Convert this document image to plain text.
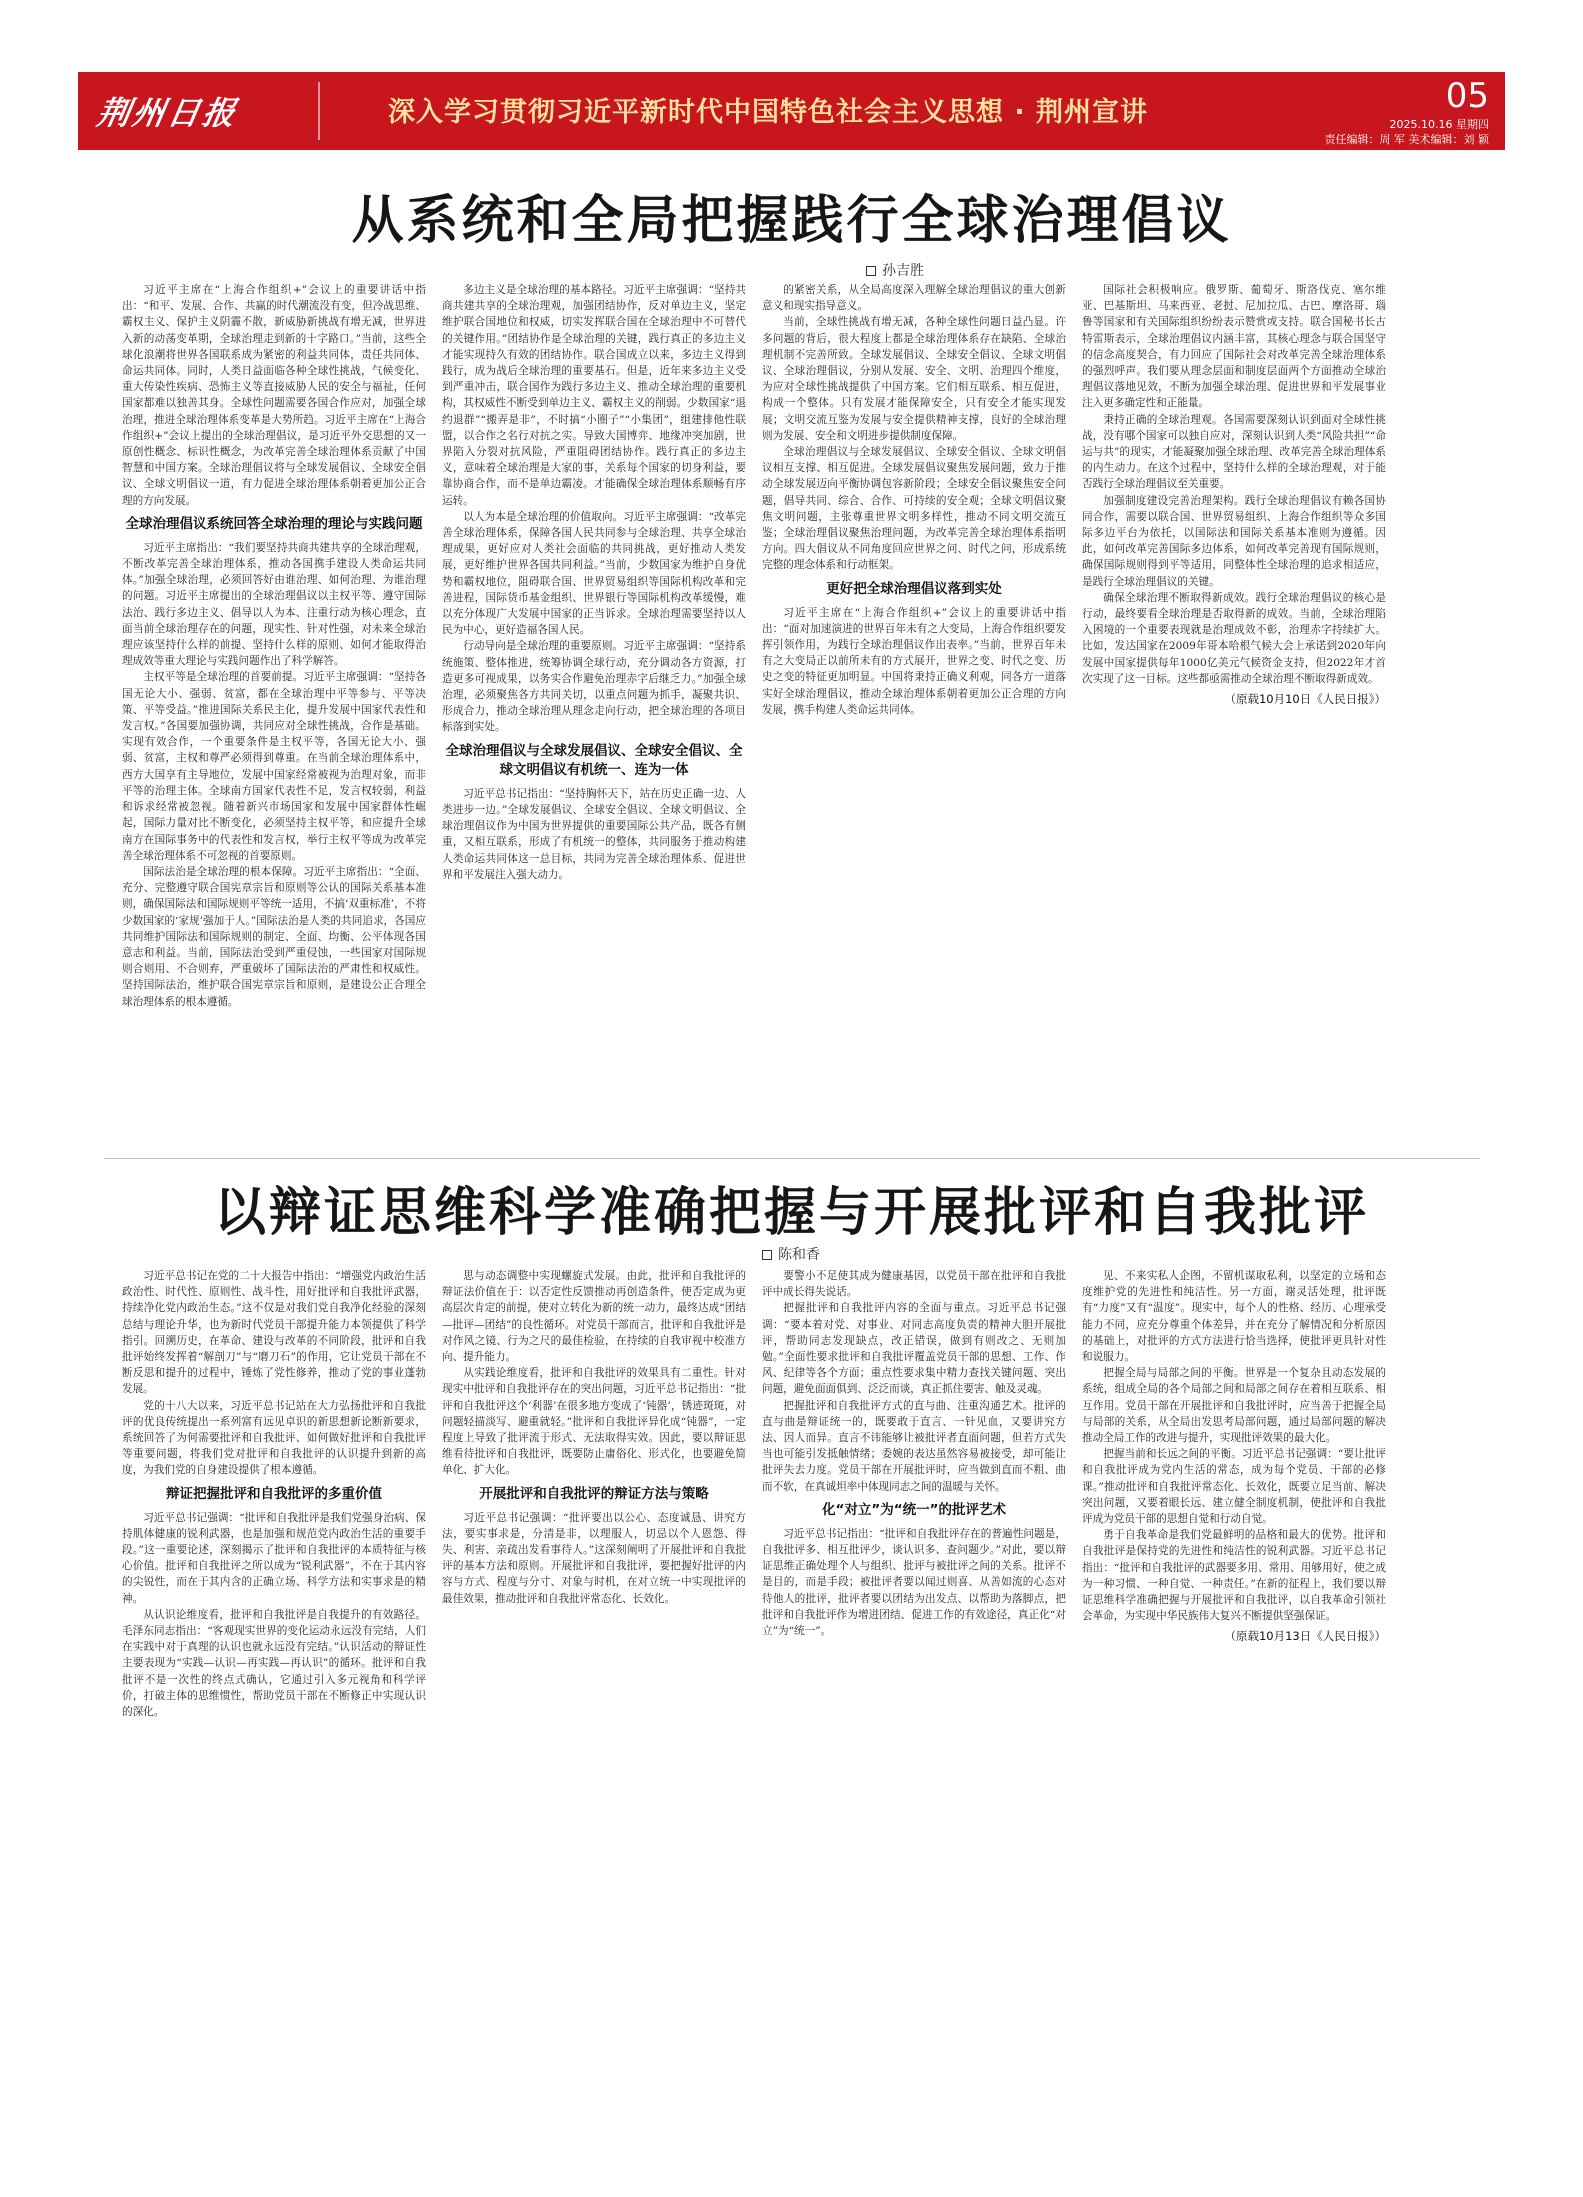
荆州日报	深入学习贯彻习近平新时代中国特色社会主义思想 · 荆州宣讲	05
2025.10.16 星期四
责任编辑：周 军 美术编辑：刘 颖
从系统和全局把握践行全球治理倡议
孙吉胜

习近平主席在“上海合作组织+”会议上的重要讲话中指出：“和平、发展、合作、共赢的时代潮流没有变，但冷战思维、霸权主义、保护主义阴霾不散，新威胁新挑战有增无减，世界进入新的动荡变革期，全球治理走到新的十字路口。”当前，这些全球化浪潮将世界各国联系成为紧密的利益共同体，责任共同体、命运共同体。同时，人类日益面临各种全球性挑战，气候变化、重大传染性疾病、恐怖主义等直接威胁人民的安全与福祉，任何国家都难以独善其身。全球性问题需要各国合作应对，加强全球治理，推进全球治理体系变革是大势所趋。习近平主席在“上海合作组织+”会议上提出的全球治理倡议，是习近平外交思想的又一原创性概念、标识性概念，为改革完善全球治理体系贡献了中国智慧和中国方案。全球治理倡议将与全球发展倡议、全球安全倡议、全球文明倡议一道，有力促进全球治理体系朝着更加公正合理的方向发展。

全球治理倡议系统回答全球治理的理论与实践问题

习近平主席指出：“我们要坚持共商共建共享的全球治理观，不断改革完善全球治理体系，推动各国携手建设人类命运共同体。”加强全球治理，必须回答好由谁治理、如何治理、为谁治理的问题。习近平主席提出的全球治理倡议以主权平等、遵守国际法治、践行多边主义、倡导以人为本、注重行动为核心理念，直面当前全球治理存在的问题，现实性、针对性强，对未来全球治理应该坚持什么样的前提、坚持什么样的原则、如何才能取得治理成效等重大理论与实践问题作出了科学解答。

主权平等是全球治理的首要前提。习近平主席强调：“坚持各国无论大小、强弱、贫富，都在全球治理中平等参与、平等决策、平等受益。”推进国际关系民主化，提升发展中国家代表性和发言权。”各国要加强协调，共同应对全球性挑战，合作是基础。实现有效合作，一个重要条件是主权平等，各国无论大小、强弱、贫富，主权和尊严必须得到尊重。在当前全球治理体系中，西方大国享有主导地位，发展中国家经常被视为治理对象，而非平等的治理主体。全球南方国家代表性不足，发言权较弱，利益和诉求经常被忽视。随着新兴市场国家和发展中国家群体性崛起，国际力量对比不断变化，必须坚持主权平等，和应提升全球南方在国际事务中的代表性和发言权，举行主权平等成为改革完善全球治理体系不可忽视的首要原则。

国际法治是全球治理的根本保障。习近平主席指出：“全面、充分、完整遵守联合国宪章宗旨和原则等公认的国际关系基本准则，确保国际法和国际规则平等统一适用，不搞‘双重标准’，不将少数国家的‘家规’强加于人。”国际法治是人类的共同追求，各国应共同维护国际法和国际规则的制定、全面、均衡、公平体现各国意志和利益。当前，国际法治受到严重侵蚀，一些国家对国际规则合则用、不合则弃，严重破坏了国际法治的严肃性和权威性。坚持国际法治，维护联合国宪章宗旨和原则，是建设公正合理全球治理体系的根本遵循。

多边主义是全球治理的基本路径。习近平主席强调：“坚持共商共建共享的全球治理观，加强团结协作，反对单边主义，坚定维护联合国地位和权威，切实发挥联合国在全球治理中不可替代的关键作用。”团结协作是全球治理的关键，践行真正的多边主义才能实现持久有效的团结协作。联合国成立以来，多边主义得到践行，成为战后全球治理的重要基石。但是，近年来多边主义受到严重冲击，联合国作为践行多边主义、推动全球治理的重要机构，其权威性不断受到单边主义、霸权主义的削弱。少数国家“退约退群”“搬弄是非”，不时搞“小圈子”“小集团”，组建排他性联盟，以合作之名行对抗之实。导致大国博弈、地缘冲突加剧，世界陷入分裂对抗风险，严重阻碍团结协作。践行真正的多边主义，意味着全球治理是大家的事，关系每个国家的切身利益，要靠协商合作，而不是单边霸凌。才能确保全球治理体系顺畅有序运转。

以人为本是全球治理的价值取向。习近平主席强调：“改革完善全球治理体系，保障各国人民共同参与全球治理、共享全球治理成果，更好应对人类社会面临的共同挑战，更好推动人类发展，更好维护世界各国共同利益。”当前，少数国家为维护自身优势和霸权地位，阻碍联合国、世界贸易组织等国际机构改革和完善进程，国际货币基金组织、世界银行等国际机构改革缓慢，难以充分体现广大发展中国家的正当诉求。全球治理需要坚持以人民为中心，更好造福各国人民。

行动导向是全球治理的重要原则。习近平主席强调：“坚持系统施策、整体推进，统筹协调全球行动，充分调动各方资源，打造更多可视成果，以务实合作避免治理赤字后继乏力。”加强全球治理，必须聚焦各方共同关切，以重点问题为抓手，凝聚共识、形成合力，推动全球治理从理念走向行动，把全球治理的各项目标落到实处。

全球治理倡议与全球发展倡议、全球安全倡议、全球文明倡议有机统一、连为一体

习近平总书记指出：“坚持胸怀天下，站在历史正确一边、人类进步一边。”全球发展倡议、全球安全倡议、全球文明倡议、全球治理倡议作为中国为世界提供的重要国际公共产品，既各有侧重，又相互联系，形成了有机统一的整体，共同服务于推动构建人类命运共同体这一总目标，共同为完善全球治理体系、促进世界和平发展注入强大动力。

的紧密关系，从全局高度深入理解全球治理倡议的重大创新意义和现实指导意义。

当前，全球性挑战有增无减，各种全球性问题日益凸显。许多问题的背后，很大程度上都是全球治理体系存在缺陷、全球治理机制不完善所致。全球发展倡议、全球安全倡议、全球文明倡议、全球治理倡议，分别从发展、安全、文明、治理四个维度，为应对全球性挑战提供了中国方案。它们相互联系、相互促进，构成一个整体。只有发展才能保障安全，只有安全才能实现发展；文明交流互鉴为发展与安全提供精神支撑，良好的全球治理则为发展、安全和文明进步提供制度保障。

全球治理倡议与全球发展倡议、全球安全倡议、全球文明倡议相互支撑、相互促进。全球发展倡议聚焦发展问题，致力于推动全球发展迈向平衡协调包容新阶段；全球安全倡议聚焦安全问题，倡导共同、综合、合作、可持续的安全观；全球文明倡议聚焦文明问题，主张尊重世界文明多样性，推动不同文明交流互鉴；全球治理倡议聚焦治理问题，为改革完善全球治理体系指明方向。四大倡议从不同角度回应世界之问、时代之问，形成系统完整的理念体系和行动框架。

更好把全球治理倡议落到实处

习近平主席在“上海合作组织+”会议上的重要讲话中指出：“面对加速演进的世界百年未有之大变局，上海合作组织要发挥引领作用，为践行全球治理倡议作出表率。”当前，世界百年未有之大变局正以前所未有的方式展开，世界之变、时代之变、历史之变的特征更加明显。中国将秉持正确义利观，同各方一道落实好全球治理倡议，推动全球治理体系朝着更加公正合理的方向发展，携手构建人类命运共同体。

国际社会积极响应。俄罗斯、葡萄牙、斯洛伐克、塞尔维亚、巴基斯坦、马来西亚、老挝、尼加拉瓜、古巴、摩洛哥、瑙鲁等国家和有关国际组织纷纷表示赞赏或支持。联合国秘书长古特雷斯表示，全球治理倡议内涵丰富，其核心理念与联合国坚守的信念高度契合，有力回应了国际社会对改革完善全球治理体系的强烈呼声。我们要从理念层面和制度层面两个方面推动全球治理倡议落地见效，不断为加强全球治理、促进世界和平发展事业注入更多确定性和正能量。

秉持正确的全球治理观。各国需要深刻认识到面对全球性挑战，没有哪个国家可以独自应对，深刻认识到人类“风险共担”“命运与共”的现实，才能凝聚加强全球治理、改革完善全球治理体系的内生动力。在这个过程中，坚持什么样的全球治理观，对于能否践行全球治理倡议至关重要。

加强制度建设完善治理架构。践行全球治理倡议有赖各国协同合作，需要以联合国、世界贸易组织、上海合作组织等众多国际多边平台为依托，以国际法和国际关系基本准则为遵循。因此，如何改革完善国际多边体系，如何改革完善现有国际规则，确保国际规则得到平等适用，同整体性全球治理的追求相适应，是践行全球治理倡议的关键。

确保全球治理不断取得新成效。践行全球治理倡议的核心是行动，最终要看全球治理是否取得新的成效。当前，全球治理陷入困境的一个重要表现就是治理成效不彰，治理赤字持续扩大。比如，发达国家在2009年哥本哈根气候大会上承诺到2020年向发展中国家提供每年1000亿美元气候资金支持，但2022年才首次实现了这一目标。这些都亟需推动全球治理不断取得新成效。

（原载10月10日《人民日报》）
以辩证思维科学准确把握与开展批评和自我批评
陈和香

习近平总书记在党的二十大报告中指出：“增强党内政治生活政治性、时代性、原则性、战斗性，用好批评和自我批评武器，持续净化党内政治生态。”这不仅是对我们党自我净化经验的深刻总结与理论升华，也为新时代党员干部提升能力本领提供了科学指引。回溯历史，在革命、建设与改革的不同阶段，批评和自我批评始终发挥着“解剖刀”与“磨刀石”的作用，它让党员干部在不断反思和提升的过程中，锤炼了党性修养，推动了党的事业蓬勃发展。

党的十八大以来，习近平总书记站在大力弘扬批评和自我批评的优良传统提出一系列富有远见卓识的新思想新论断新要求，系统回答了为何需要批评和自我批评、如何做好批评和自我批评等重要问题，将我们党对批评和自我批评的认识提升到新的高度，为我们党的自身建设提供了根本遵循。

辩证把握批评和自我批评的多重价值

习近平总书记强调：“批评和自我批评是我们党强身治病、保持肌体健康的锐利武器，也是加强和规范党内政治生活的重要手段。”这一重要论述，深刻揭示了批评和自我批评的本质特征与核心价值。批评和自我批评之所以成为“锐利武器”，不在于其内容的尖锐性，而在于其内含的正确立场、科学方法和实事求是的精神。

从认识论维度看，批评和自我批评是自我提升的有效路径。毛泽东同志指出：“客观现实世界的变化运动永远没有完结，人们在实践中对于真理的认识也就永远没有完结。”认识活动的辩证性主要表现为“实践—认识—再实践—再认识”的循环。批评和自我批评不是一次性的终点式确认，它通过引入多元视角和科学评价，打破主体的思维惯性，帮助党员干部在不断修正中实现认识的深化。

思与动态调整中实现螺旋式发展。由此，批评和自我批评的辩证法价值在于：以否定性反馈推动再创造条件，使否定成为更高层次肯定的前提，使对立转化为新的统一动力，最终达成“团结—批评—团结”的良性循环。对党员干部而言，批评和自我批评是对作风之镜、行为之尺的最佳检验，在持续的自我审视中校准方向、提升能力。

从实践论维度看，批评和自我批评的效果具有二重性。针对现实中批评和自我批评存在的突出问题，习近平总书记指出：“批评和自我批评这个‘利器’在很多地方变成了‘钝器’，锈迹斑斑，对问题轻描淡写、避重就轻。”批评和自我批评异化成“钝器”，一定程度上导致了批评流于形式、无法取得实效。因此，要以辩证思维看待批评和自我批评，既要防止庸俗化、形式化，也要避免简单化、扩大化。

开展批评和自我批评的辩证方法与策略

习近平总书记强调：“批评要出以公心、态度诚恳、讲究方法，要实事求是，分清是非，以理服人，切忌以个人恩怨、得失、利害、亲疏出发看事待人。”这深刻阐明了开展批评和自我批评的基本方法和原则。开展批评和自我批评，要把握好批评的内容与方式、程度与分寸、对象与时机，在对立统一中实现批评的最佳效果，推动批评和自我批评常态化、长效化。

要警小不足使其成为健康基因，以党员干部在批评和自我批评中成长得失说话。

把握批评和自我批评内容的全面与重点。习近平总书记强调：“要本着对党、对事业、对同志高度负责的精神大胆开展批评，帮助同志发现缺点，改正错误，做到有则改之、无则加勉。”全面性要求批评和自我批评覆盖党员干部的思想、工作、作风、纪律等各个方面；重点性要求集中精力查找关键问题、突出问题，避免面面俱到、泛泛而谈，真正抓住要害、触及灵魂。

把握批评和自我批评方式的直与曲、注重沟通艺术。批评的直与曲是辩证统一的，既要敢于直言、一针见血，又要讲究方法、因人而异。直言不讳能够让被批评者直面问题，但若方式失当也可能引发抵触情绪；委婉的表达虽然容易被接受，却可能让批评失去力度。党员干部在开展批评时，应当做到直而不粗、曲而不软，在真诚坦率中体现同志之间的温暖与关怀。

化“对立”为“统一”的批评艺术

习近平总书记指出：“批评和自我批评存在的普遍性问题是，自我批评多、相互批评少，谈认识多、查问题少。”对此，要以辩证思维正确处理个人与组织、批评与被批评之间的关系。批评不是目的，而是手段；被批评者要以闻过则喜、从善如流的心态对待他人的批评，批评者要以团结为出发点、以帮助为落脚点，把批评和自我批评作为增进团结、促进工作的有效途径，真正化“对立”为“统一”。

见、不来实私人企图，不留机谋取私利，以坚定的立场和态度维护党的先进性和纯洁性。另一方面，谢灵活处理，批评既有“力度”又有“温度”。现实中，每个人的性格、经历、心理承受能力不同，应充分尊重个体差异，并在充分了解情况和分析原因的基础上，对批评的方式方法进行恰当选择，使批评更具针对性和说服力。

把握全局与局部之间的平衡。世界是一个复杂且动态发展的系统，组成全局的各个局部之间和局部之间存在着相互联系、相互作用。党员干部在开展批评和自我批评时，应当善于把握全局与局部的关系，从全局出发思考局部问题，通过局部问题的解决推动全局工作的改进与提升，实现批评效果的最大化。

把握当前和长远之间的平衡。习近平总书记强调：“要让批评和自我批评成为党内生活的常态，成为每个党员、干部的必修课。”推动批评和自我批评常态化、长效化，既要立足当前、解决突出问题，又要着眼长远、建立健全制度机制，使批评和自我批评成为党员干部的思想自觉和行动自觉。

勇于自我革命是我们党最鲜明的品格和最大的优势。批评和自我批评是保持党的先进性和纯洁性的锐利武器。习近平总书记指出：“批评和自我批评的武器要多用、常用、用够用好，使之成为一种习惯、一种自觉、一种责任。”在新的征程上，我们要以辩证思维科学准确把握与开展批评和自我批评，以自我革命引领社会革命，为实现中华民族伟大复兴不断提供坚强保证。

（原载10月13日《人民日报》）
